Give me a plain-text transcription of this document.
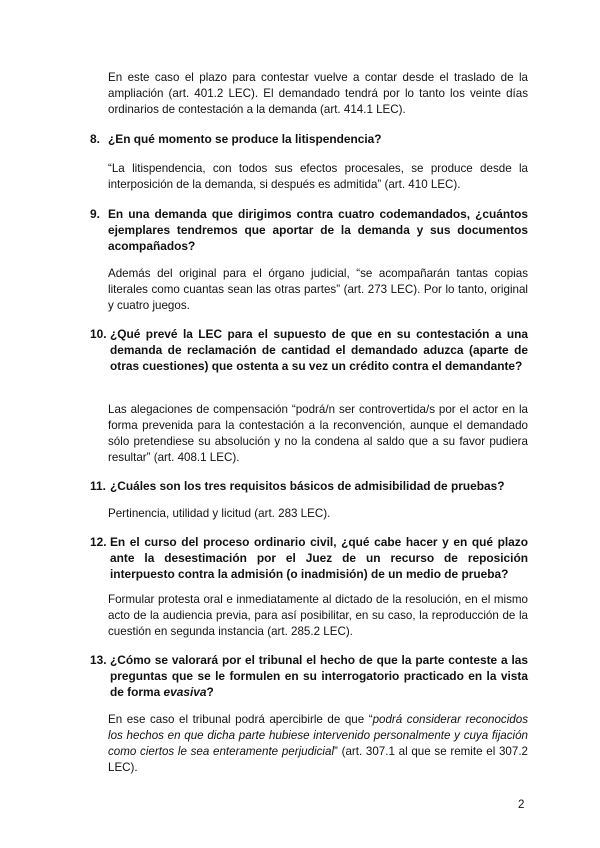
En este caso el plazo para contestar vuelve a contar desde el traslado de la ampliación (art. 401.2 LEC). El demandado tendrá por lo tanto los veinte días ordinarios de contestación a la demanda (art. 414.1 LEC).
8. ¿En qué momento se produce la litispendencia?
“La litispendencia, con todos sus efectos procesales, se produce desde la interposición de la demanda, si después es admitida” (art. 410 LEC).
9. En una demanda que dirigimos contra cuatro codemandados, ¿cuántos ejemplares tendremos que aportar de la demanda y sus documentos acompañados?
Además del original para el órgano judicial, “se acompañarán tantas copias literales como cuantas sean las otras partes” (art. 273 LEC). Por lo tanto, original y cuatro juegos.
10. ¿Qué prevé la LEC para el supuesto de que en su contestación a una demanda de reclamación de cantidad el demandado aduzca (aparte de otras cuestiones) que ostenta a su vez un crédito contra el demandante?
Las alegaciones de compensación “podrá/n ser controvertida/s por el actor en la forma prevenida para la contestación a la reconvención, aunque el demandado sólo pretendiese su absolución y no la condena al saldo que a su favor pudiera resultar” (art. 408.1 LEC).
11. ¿Cuáles son los tres requisitos básicos de admisibilidad de pruebas?
Pertinencia, utilidad y licitud (art. 283 LEC).
12. En el curso del proceso ordinario civil, ¿qué cabe hacer y en qué plazo ante la desestimación por el Juez de un recurso de reposición interpuesto contra la admisión (o inadmisión) de un medio de prueba?
Formular protesta oral e inmediatamente al dictado de la resolución, en el mismo acto de la audiencia previa, para así posibilitar, en su caso, la reproducción de la cuestión en segunda instancia (art. 285.2 LEC).
13. ¿Cómo se valorará por el tribunal el hecho de que la parte conteste a las preguntas que se le formulen en su interrogatorio practicado en la vista de forma evasiva?
En ese caso el tribunal podrá apercibirle de que “podrá considerar reconocidos los hechos en que dicha parte hubiese intervenido personalmente y cuya fijación como ciertos le sea enteramente perjudicial” (art. 307.1 al que se remite el 307.2 LEC).
2
